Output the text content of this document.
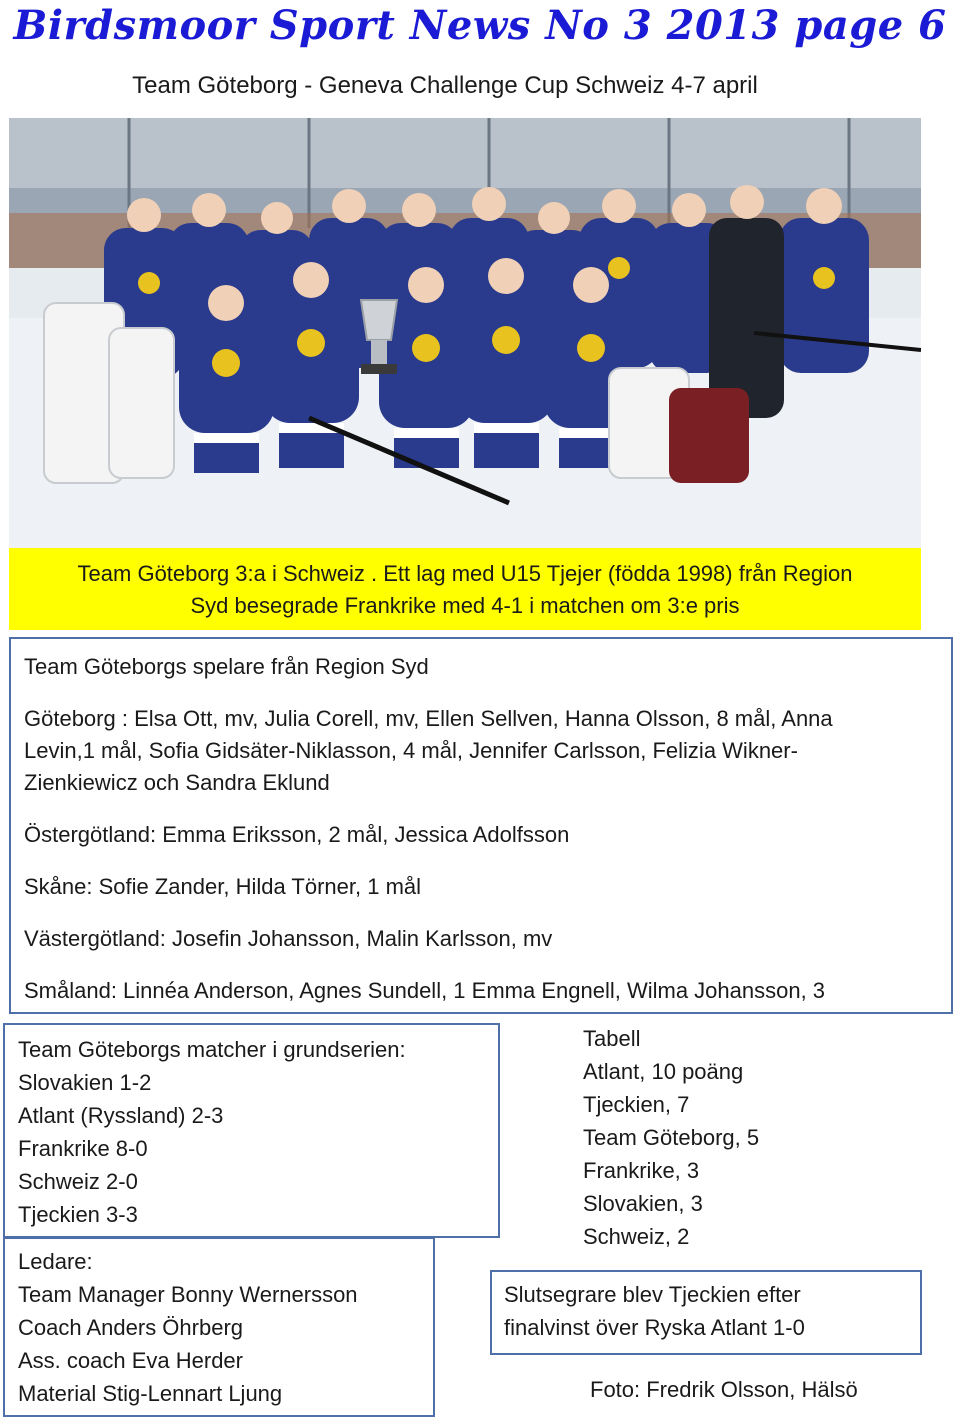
Birdsmoor Sport News No 3 2013 page 6
Team Göteborg - Geneva Challenge Cup Schweiz 4-7 april
Team Göteborg 3:a i Schweiz . Ett lag med U15 Tjejer (födda 1998) från Region
Syd besegrade Frankrike med 4-1 i matchen om 3:e pris

Team Göteborgs spelare från Region Syd

Göteborg : Elsa Ott, mv, Julia Corell, mv, Ellen Sellven, Hanna Olsson, 8 mål, Anna

Levin,1 mål, Sofia Gidsäter-Niklasson, 4 mål, Jennifer Carlsson, Felizia Wikner-

Zienkiewicz och Sandra Eklund

Östergötland: Emma Eriksson, 2 mål, Jessica Adolfsson

Skåne: Sofie Zander, Hilda Törner, 1 mål

Västergötland: Josefin Johansson, Malin Karlsson, mv

Småland: Linnéa Anderson, Agnes Sundell, 1 Emma Engnell, Wilma Johansson, 3

Team Göteborgs matcher i grundserien:
Slovakien 1-2
Atlant (Ryssland) 2-3
Frankrike 8-0
Schweiz 2-0
Tjeckien 3-3
Ledare:
Team Manager Bonny Wernersson
Coach Anders Öhrberg
Ass. coach Eva Herder
Material Stig-Lennart Ljung
Tabell
Atlant, 10 poäng
Tjeckien, 7
Team Göteborg, 5
Frankrike, 3
Slovakien, 3
Schweiz, 2
Slutsegrare blev Tjeckien efter
finalvinst över Ryska Atlant 1-0
Foto: Fredrik Olsson, Hälsö
